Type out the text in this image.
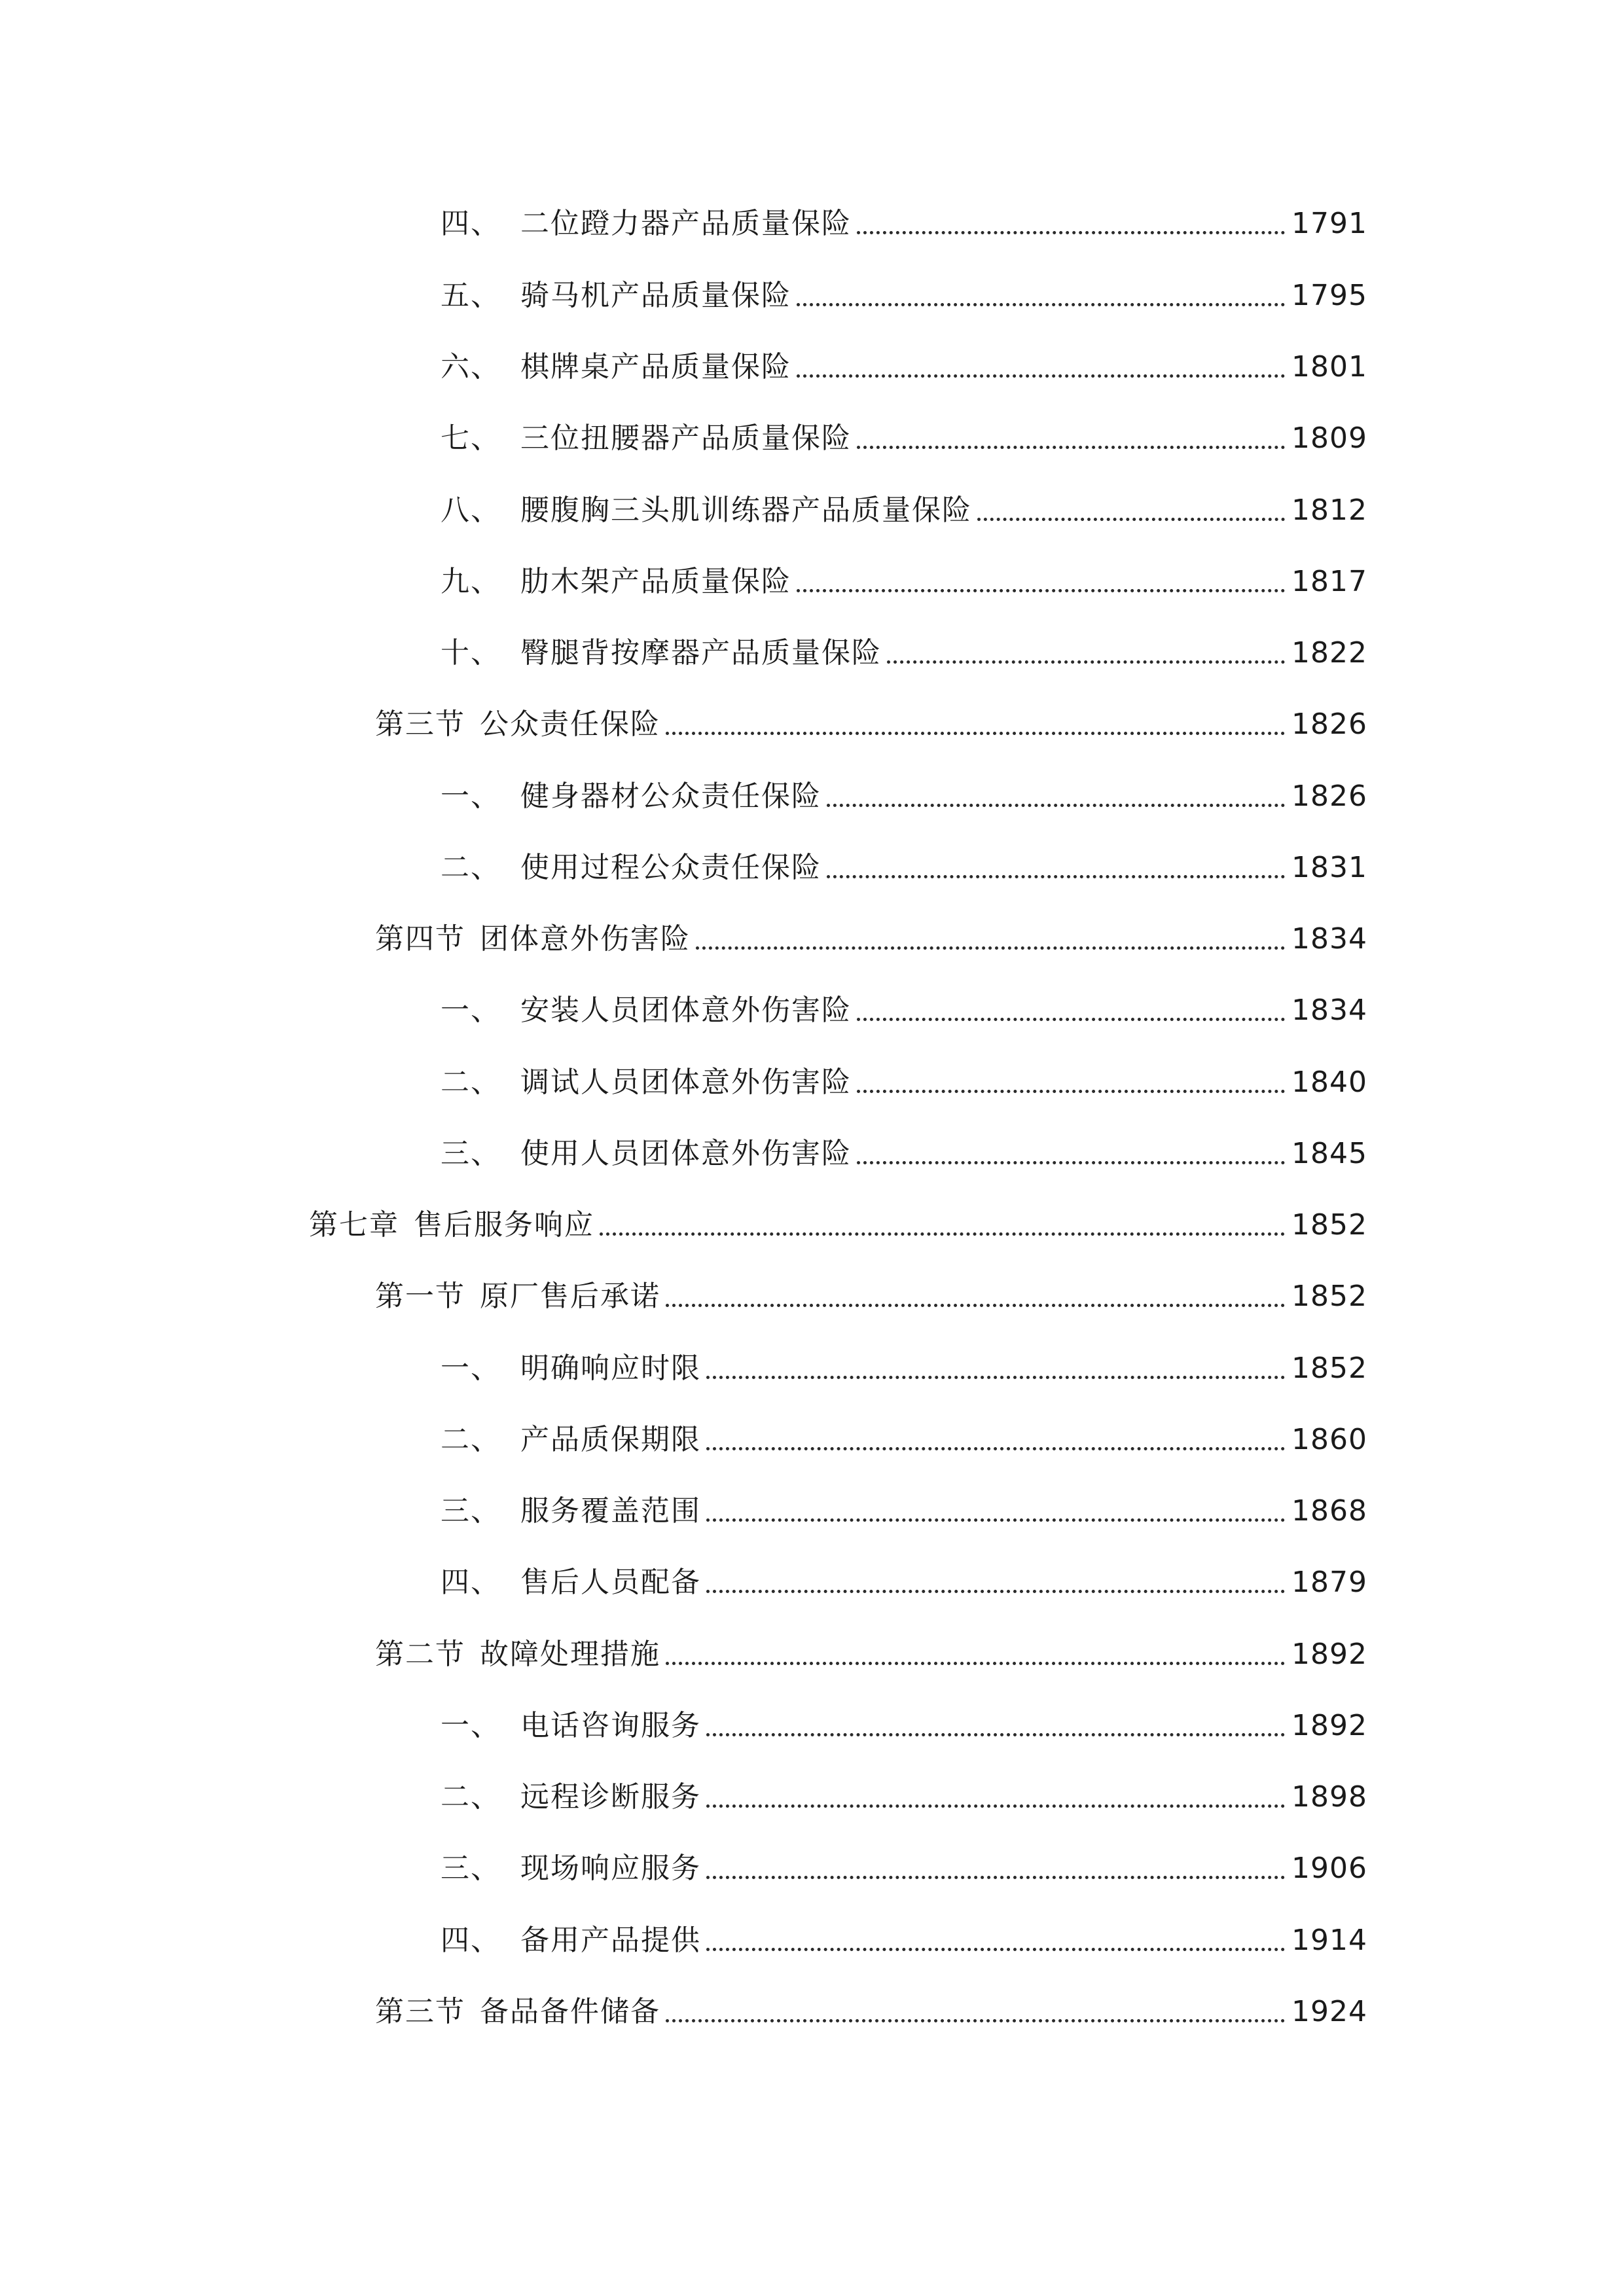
四、 二位蹬力器产品质量保险	1791
五、 骑马机产品质量保险	1795
六、 棋牌桌产品质量保险	1801
七、 三位扭腰器产品质量保险	1809
八、 腰腹胸三头肌训练器产品质量保险	1812
九、 肋木架产品质量保险	1817
十、 臀腿背按摩器产品质量保险	1822
第三节 公众责任保险	1826
一、 健身器材公众责任保险	1826
二、 使用过程公众责任保险	1831
第四节 团体意外伤害险	1834
一、 安装人员团体意外伤害险	1834
二、 调试人员团体意外伤害险	1840
三、 使用人员团体意外伤害险	1845
第七章 售后服务响应	1852
第一节 原厂售后承诺	1852
一、 明确响应时限	1852
二、 产品质保期限	1860
三、 服务覆盖范围	1868
四、 售后人员配备	1879
第二节 故障处理措施	1892
一、 电话咨询服务	1892
二、 远程诊断服务	1898
三、 现场响应服务	1906
四、 备用产品提供	1914
第三节 备品备件储备	1924
